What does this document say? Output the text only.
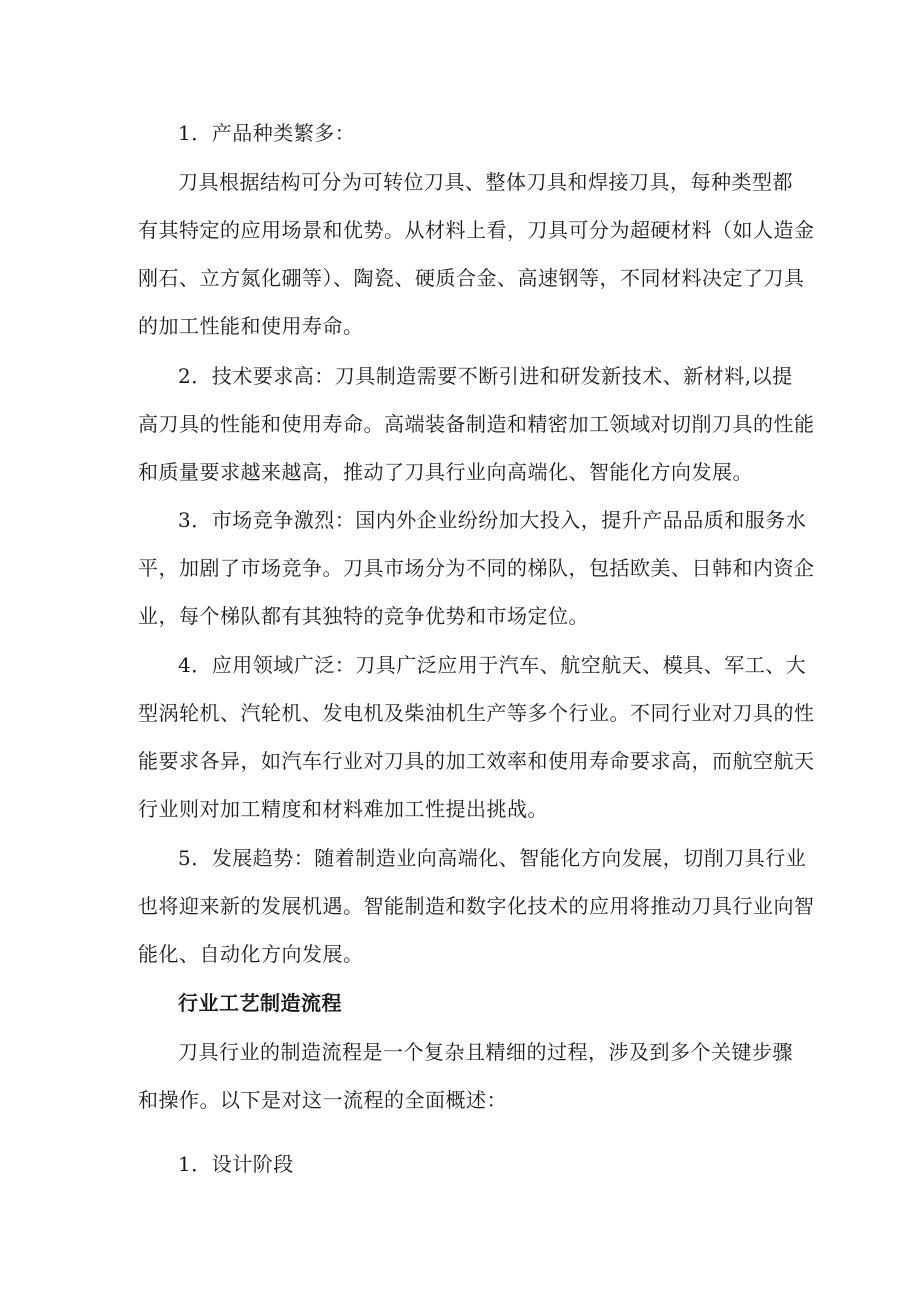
1．产品种类繁多：
刀具根据结构可分为可转位刀具、整体刀具和焊接刀具，每种类型都
有其特定的应用场景和优势。从材料上看，刀具可分为超硬材料（如人造金
刚石、立方氮化硼等）、陶瓷、硬质合金、高速钢等，不同材料决定了刀具
的加工性能和使用寿命。
2．技术要求高：刀具制造需要不断引进和研发新技术、新材料,以提
高刀具的性能和使用寿命。高端装备制造和精密加工领域对切削刀具的性能
和质量要求越来越高，推动了刀具行业向高端化、智能化方向发展。
3．市场竞争激烈：国内外企业纷纷加大投入，提升产品品质和服务水
平，加剧了市场竞争。刀具市场分为不同的梯队，包括欧美、日韩和内资企
业，每个梯队都有其独特的竞争优势和市场定位。
4．应用领域广泛：刀具广泛应用于汽车、航空航天、模具、军工、大
型涡轮机、汽轮机、发电机及柴油机生产等多个行业。不同行业对刀具的性
能要求各异，如汽车行业对刀具的加工效率和使用寿命要求高，而航空航天
行业则对加工精度和材料难加工性提出挑战。
5．发展趋势：随着制造业向高端化、智能化方向发展，切削刀具行业
也将迎来新的发展机遇。智能制造和数字化技术的应用将推动刀具行业向智
能化、自动化方向发展。
行业工艺制造流程
刀具行业的制造流程是一个复杂且精细的过程，涉及到多个关键步骤
和操作。以下是对这一流程的全面概述：
1．设计阶段
